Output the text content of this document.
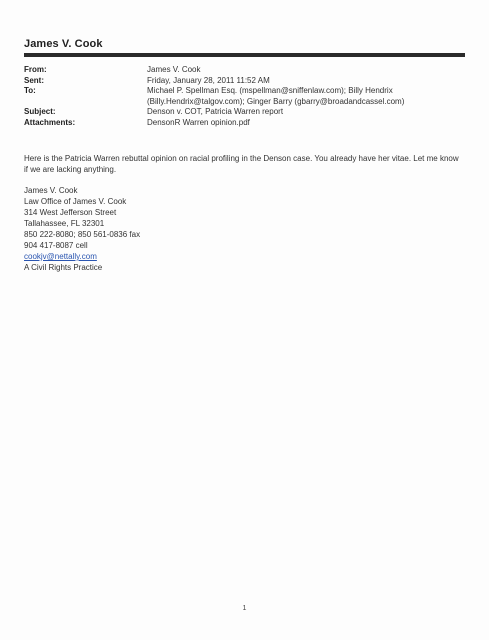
James V. Cook
From:	James V. Cook
Sent:	Friday, January 28, 2011 11:52 AM
To:	Michael P. Spellman Esq. (mspellman@sniffenlaw.com); Billy Hendrix
(Billy.Hendrix@talgov.com); Ginger Barry (gbarry@broadandcassel.com)
Subject:	Denson v. COT, Patricia Warren report
Attachments:	DensonR Warren opinion.pdf
Here is the Patricia Warren rebuttal opinion on racial profiling in the Denson case. You already have her vitae. Let me know if we are lacking anything.
James V. Cook
Law Office of James V. Cook
314 West Jefferson Street
Tallahassee, FL 32301
850 222-8080; 850 561-0836 fax
904 417-8087 cell
cookjv@nettally.com
A Civil Rights Practice
1
